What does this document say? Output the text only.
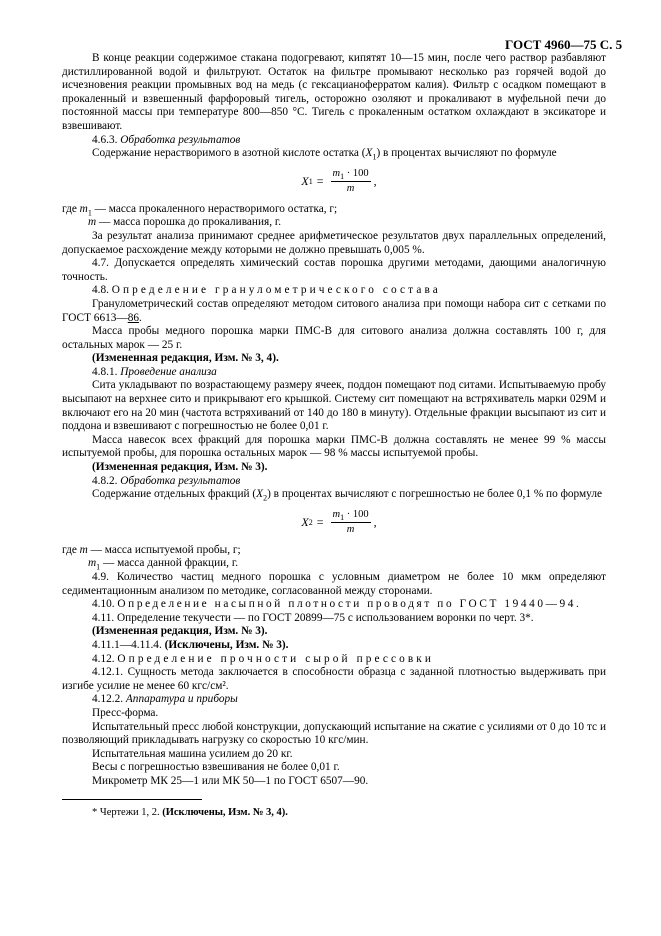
ГОСТ 4960—75 С. 5

В конце реакции содержимое стакана подогревают, кипятят 10—15 мин, после чего раствор разбавляют дистиллированной водой и фильтруют. Остаток на фильтре промывают несколько раз горячей водой до исчезновения реакции промывных вод на медь (с гексацианоферратом калия). Фильтр с осадком помещают в прокаленный и взвешенный фарфоровый тигель, осторожно озоляют и прокаливают в муфельной печи до постоянной массы при температуре 800—850 °С. Тигель с прокаленным остатком охлаждают в эксикаторе и взвешивают.

4.6.3. Обработка результатов

Содержание нерастворимого в азотной кислоте остатка $(X_1)$ в процентах вычисляют по формуле

X $1 = \frac{m_1 \cdot 100}{m}$ ,

где $m_1$ — масса прокаленного нерастворимого остатка, г;

m — масса порошка до прокаливания, г.

За результат анализа принимают среднее арифметическое результатов двух параллельных определений, допускаемое расхождение между которыми не должно превышать 0,005 %.

4.7. Допускается определять химический состав порошка другими методами, дающими аналогичную точность.

4.8. Определение гранулометрического состава

Гранулометрический состав определяют методом ситового анализа при помощи набора сит с сетками по ГОСТ 6613—86.

Масса пробы медного порошка марки ПМС-В для ситового анализа должна составлять 100 г, для остальных марок — 25 г.

(Измененная редакция, Изм. № 3, 4).

4.8.1. Проведение анализа

Сита укладывают по возрастающему размеру ячеек, поддон помещают под ситами. Испытываемую пробу высыпают на верхнее сито и прикрывают его крышкой. Систему сит помещают на встряхиватель марки 029М и включают его на 20 мин (частота встряхиваний от 140 до 180 в минуту). Отдельные фракции высыпают из сит и поддона и взвешивают с погрешностью не более 0,01 г.

Масса навесок всех фракций для порошка марки ПМС-В должна составлять не менее 99 % массы испытуемой пробы, для порошка остальных марок — 98 % массы испытуемой пробы.

(Измененная редакция, Изм. № 3).

4.8.2. Обработка результатов

Содержание отдельных фракций $(X_2)$ в процентах вычисляют с погрешностью не более 0,1 % по формуле

X $2 = \frac{m_1 \cdot 100}{m}$ ,

где m — масса испытуемой пробы, г;

$m_1$ — масса данной фракции, г.

4.9. Количество частиц медного порошка с условным диаметром не более 10 мкм определяют седиментационным анализом по методике, согласованной между сторонами.

4.10. Определение насыпной плотности проводят по ГОСТ 19440—94.

4.11. Определение текучести — по ГОСТ 20899—75 с использованием воронки по черт. 3*.

(Измененная редакция, Изм. № 3).

4.11.1—4.11.4. (Исключены, Изм. № 3).

4.12. Определение прочности сырой прессовки

4.12.1. Сущность метода заключается в способности образца с заданной плотностью выдерживать при изгибе усилие не менее 60 кгс/см².

4.12.2. Аппаратура и приборы

Пресс-форма.

Испытательный пресс любой конструкции, допускающий испытание на сжатие с усилиями от 0 до 10 тс и позволяющий прикладывать нагрузку со скоростью 10 кгс/мин.

Испытательная машина усилием до 20 кг.

Весы с погрешностью взвешивания не более 0,01 г.

Микрометр МК 25—1 или МК 50—1 по ГОСТ 6507—90.

* Чертежи 1, 2. (Исключены, Изм. № 3, 4).
